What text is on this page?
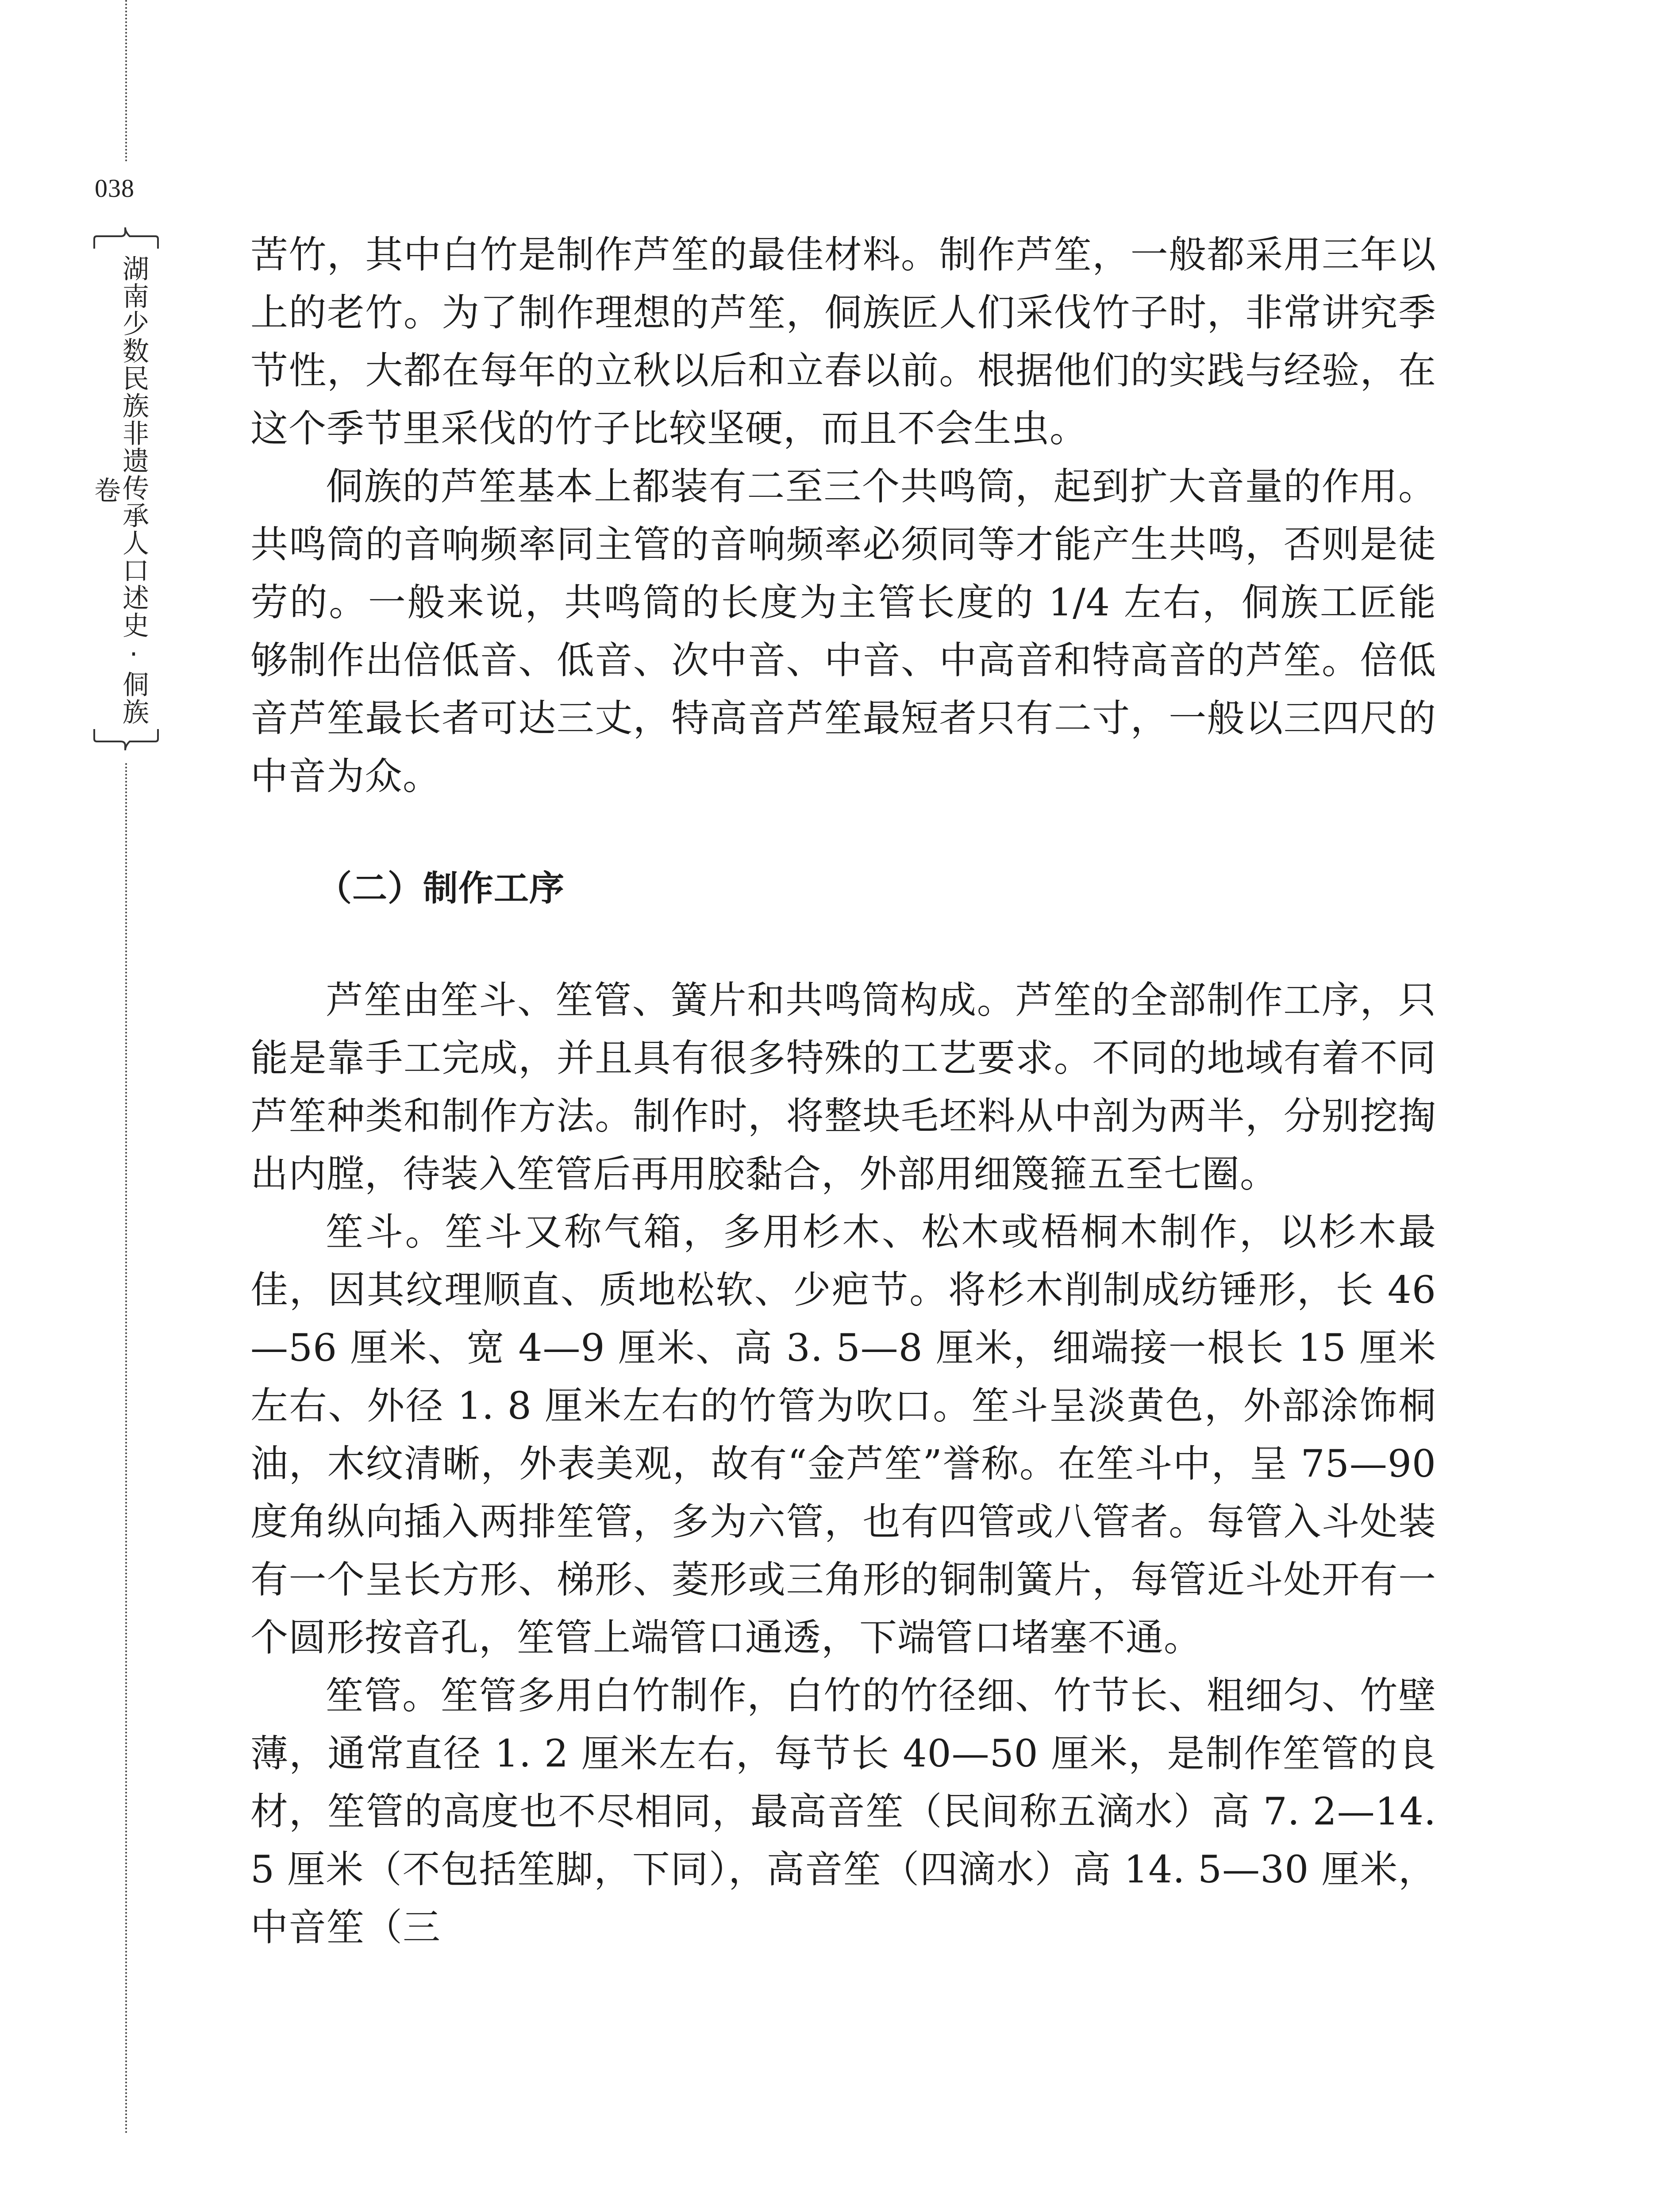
038
湖南少数民族非遗传承人口述史·侗族卷

苦竹，其中白竹是制作芦笙的最佳材料。制作芦笙，一般都采用三年以上的老竹。为了制作理想的芦笙，侗族匠人们采伐竹子时，非常讲究季节性，大都在每年的立秋以后和立春以前。根据他们的实践与经验，在这个季节里采伐的竹子比较坚硬，而且不会生虫。

侗族的芦笙基本上都装有二至三个共鸣筒，起到扩大音量的作用。共鸣筒的音响频率同主管的音响频率必须同等才能产生共鸣，否则是徒劳的。一般来说，共鸣筒的长度为主管长度的 1/4 左右，侗族工匠能够制作出倍低音、低音、次中音、中音、中高音和特高音的芦笙。倍低音芦笙最长者可达三丈，特高音芦笙最短者只有二寸，一般以三四尺的中音为众。

（二）制作工序

芦笙由笙斗、笙管、簧片和共鸣筒构成。芦笙的全部制作工序，只能是靠手工完成，并且具有很多特殊的工艺要求。不同的地域有着不同芦笙种类和制作方法。制作时，将整块毛坯料从中剖为两半，分别挖掏出内膛，待装入笙管后再用胶黏合，外部用细篾箍五至七圈。

笙斗。笙斗又称气箱，多用杉木、松木或梧桐木制作，以杉木最佳，因其纹理顺直、质地松软、少疤节。将杉木削制成纺锤形，长 46—56 厘米、宽 4—9 厘米、高 3. 5—8 厘米，细端接一根长 15 厘米左右、外径 1. 8 厘米左右的竹管为吹口。笙斗呈淡黄色，外部涂饰桐油，木纹清晰，外表美观，故有“金芦笙”誉称。在笙斗中，呈 75—90 度角纵向插入两排笙管，多为六管，也有四管或八管者。每管入斗处装有一个呈长方形、梯形、菱形或三角形的铜制簧片，每管近斗处开有一个圆形按音孔，笙管上端管口通透，下端管口堵塞不通。

笙管。笙管多用白竹制作，白竹的竹径细、竹节长、粗细匀、竹壁薄，通常直径 1. 2 厘米左右，每节长 40—50 厘米，是制作笙管的良材，笙管的高度也不尽相同，最高音笙（民间称五滴水）高 7. 2—14. 5 厘米（不包括笙脚，下同），高音笙（四滴水）高 14. 5—30 厘米，中音笙（三
